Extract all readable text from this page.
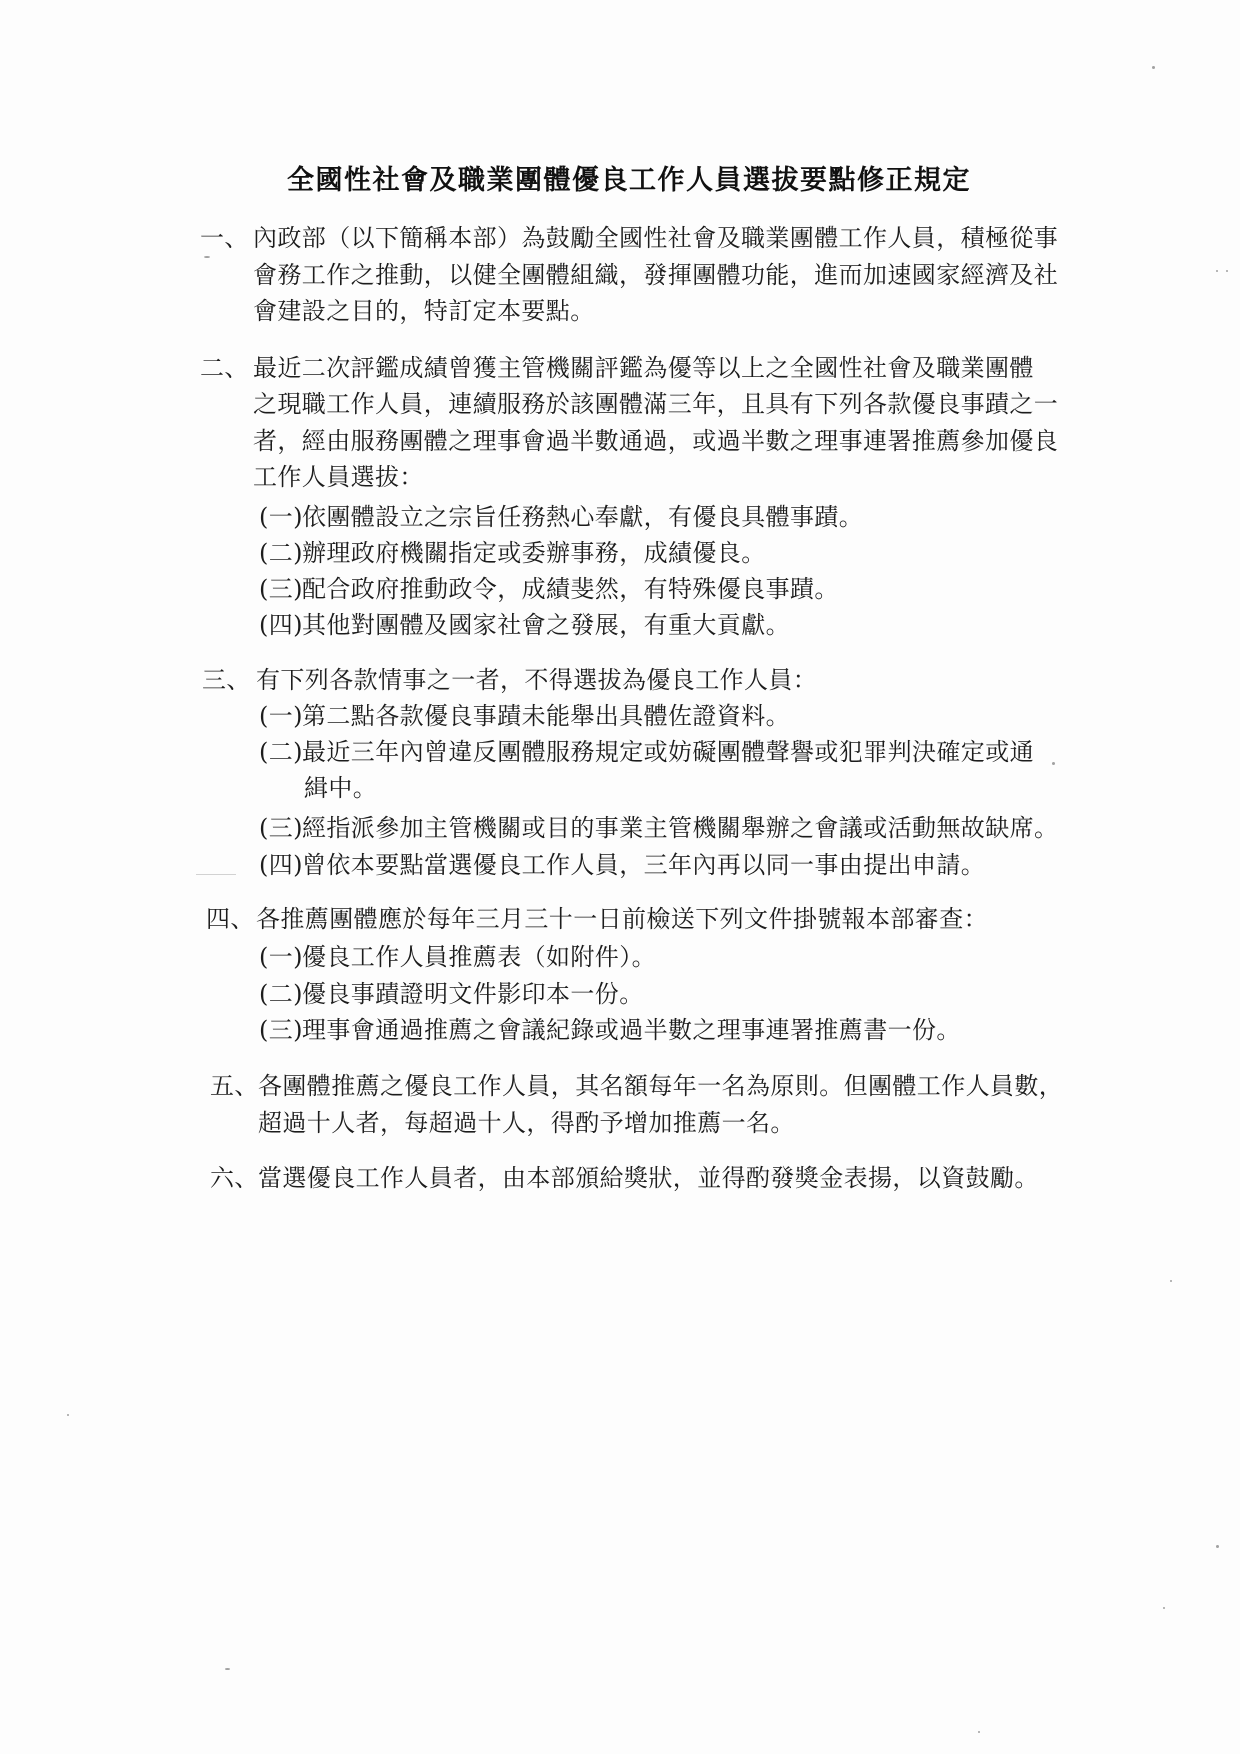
全國性社會及職業團體優良工作人員選拔要點修正規定
一、 內政部（以下簡稱本部）為鼓勵全國性社會及職業團體工作人員，積極從事
會務工作之推動，以健全團體組織，發揮團體功能，進而加速國家經濟及社
會建設之目的，特訂定本要點。
二、 最近二次評鑑成績曾獲主管機關評鑑為優等以上之全國性社會及職業團體
之現職工作人員，連續服務於該團體滿三年，且具有下列各款優良事蹟之一
者，經由服務團體之理事會過半數通過，或過半數之理事連署推薦參加優良
工作人員選拔：
(一) 依團體設立之宗旨任務熱心奉獻，有優良具體事蹟。
(二) 辦理政府機關指定或委辦事務，成績優良。
(三) 配合政府推動政令，成績斐然，有特殊優良事蹟。
(四) 其他對團體及國家社會之發展，有重大貢獻。
三、 有下列各款情事之一者，不得選拔為優良工作人員：
(一) 第二點各款優良事蹟未能舉出具體佐證資料。
(二) 最近三年內曾違反團體服務規定或妨礙團體聲譽或犯罪判決確定或通
緝中。
(三) 經指派參加主管機關或目的事業主管機關舉辦之會議或活動無故缺席。
(四) 曾依本要點當選優良工作人員，三年內再以同一事由提出申請。
四、 各推薦團體應於每年三月三十一日前檢送下列文件掛號報本部審查：
(一) 優良工作人員推薦表（如附件）。
(二) 優良事蹟證明文件影印本一份。
(三) 理事會通過推薦之會議紀錄或過半數之理事連署推薦書一份。
五、 各團體推薦之優良工作人員，其名額每年一名為原則。但團體工作人員數，
超過十人者，每超過十人，得酌予增加推薦一名。
六、 當選優良工作人員者，由本部頒給獎狀，並得酌發獎金表揚，以資鼓勵。
